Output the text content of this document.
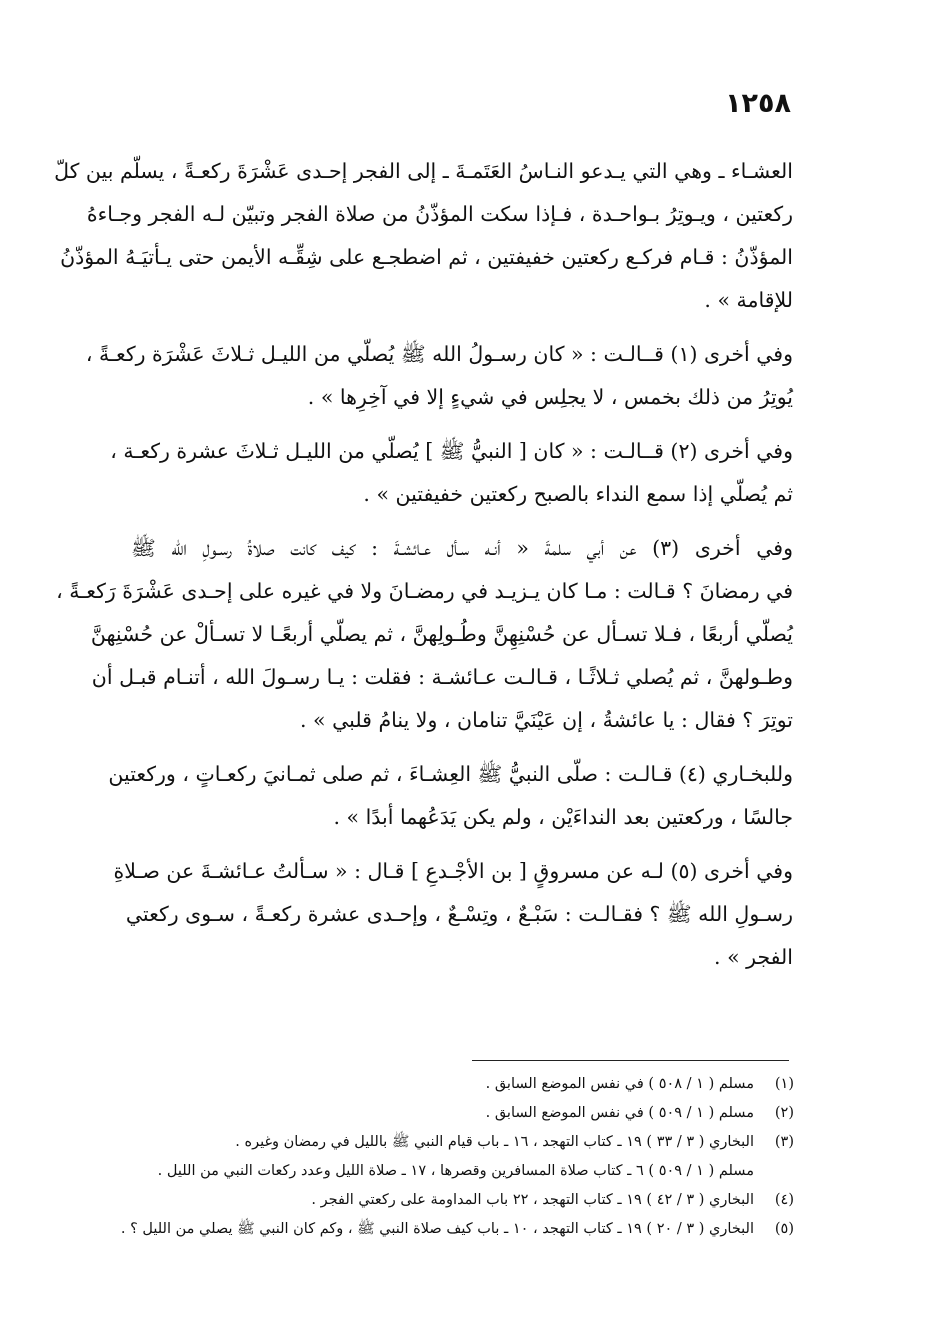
١٢٥٨

العشـاء ـ وهي التي يـدعو النـاسُ العَتَمـةَ ـ إلى الفجر إحـدى عَشْرَةَ ركعـةً ، يسلّم بين كلّ
ركعتين ، ويـوتِرُ بـواحـدة ، فـإذا سكت المؤذّنُ من صلاة الفجر وتبيّن لـه الفجر وجـاءهُ
المؤذّنُ : قـام فركـع ركعتين خفيفتين ، ثم اضطجـع على شِقِّـه الأيمن حتى يـأتيَـهُ المؤذّنُ
للإقامة » .

وفي أخرى (١) قــالـت : « كان رسـولُ الله ﷺ يُصلّي من الليـل ثـلاثَ عَشْرَة ركعـةً ،
يُوتِرُ من ذلك بخمس ، لا يجلِس في شيءٍ إلا في آخِرِها » .

وفي أخرى (٢) قــالـت : « كان [ النبيُّ ﷺ ] يُصلّي من الليـل ثـلاثَ عشرة ركعـة ،
ثم يُصلّي إذا سمع النداء بالصبح ركعتين خفيفتين » .

وفي أخرى (٣) عن أبي سلمةَ « أنـه سـأل عـائشـةَ : كيف كانت صلاةُ رسـولِ الله ﷺ
في رمضانَ ؟ قـالت : مـا كان يـزيـد في رمضـانَ ولا في غيره على إحـدى عَشْرَةَ رَكعـةً ،
يُصلّي أربعًا ، فـلا تسـأل عن حُسْنِهِنَّ وطُـولِهنَّ ، ثم يصلّي أربعًـا لا تسـألْ عن حُسْنِهنَّ
وطـولهنَّ ، ثم يُصلي ثـلاثًـا ، قـالـت عـائشـة : فقلت : يـا رسـولَ الله ، أتنـام قبـل أن
توتِرَ ؟ فقال : يا عائشةُ ، إن عَيْنَيَّ تنامان ، ولا ينامُ قلبي » .

وللبخـاري (٤) قـالـت : صلّى النبيُّ ﷺ العِشـاءَ ، ثم صلى ثمـانيَ ركعـاتٍ ، وركعتين
جالسًا ، وركعتين بعد النداءَيْن ، ولم يكن يَدَعُهما أبدًا » .

وفي أخرى (٥) لـه عن مسروقٍ [ بن الأجْـدعِ ] قـال : « سـألتُ عـائشـةَ عن صـلاةِ
رسـولِ الله ﷺ ؟ فقـالـت : سَبْـعٌ ، وتِسْـعٌ ، وإحـدى عشرة ركعـةً ، سـوى ركعتي
الفجر » .

(١)
مسلم ( ١ / ٥٠٨ ) في نفس الموضع السابق .
(٢)
مسلم ( ١ / ٥٠٩ ) في نفس الموضع السابق .
(٣)
البخاري ( ٣ / ٣٣ ) ١٩ ـ كتاب التهجد ، ١٦ ـ باب قيام النبي ﷺ بالليل في رمضان وغيره .
مسلم ( ١ / ٥٠٩ ) ٦ ـ كتاب صلاة المسافرين وقصرها ، ١٧ ـ صلاة الليل وعدد ركعات النبي من الليل .
(٤)
البخاري ( ٣ / ٤٢ ) ١٩ ـ كتاب التهجد ، ٢٢ باب المداومة على ركعتي الفجر .
(٥)
البخاري ( ٣ / ٢٠ ) ١٩ ـ كتاب التهجد ، ١٠ ـ باب كيف صلاة النبي ﷺ ، وكم كان النبي ﷺ يصلي من الليل ؟ .
